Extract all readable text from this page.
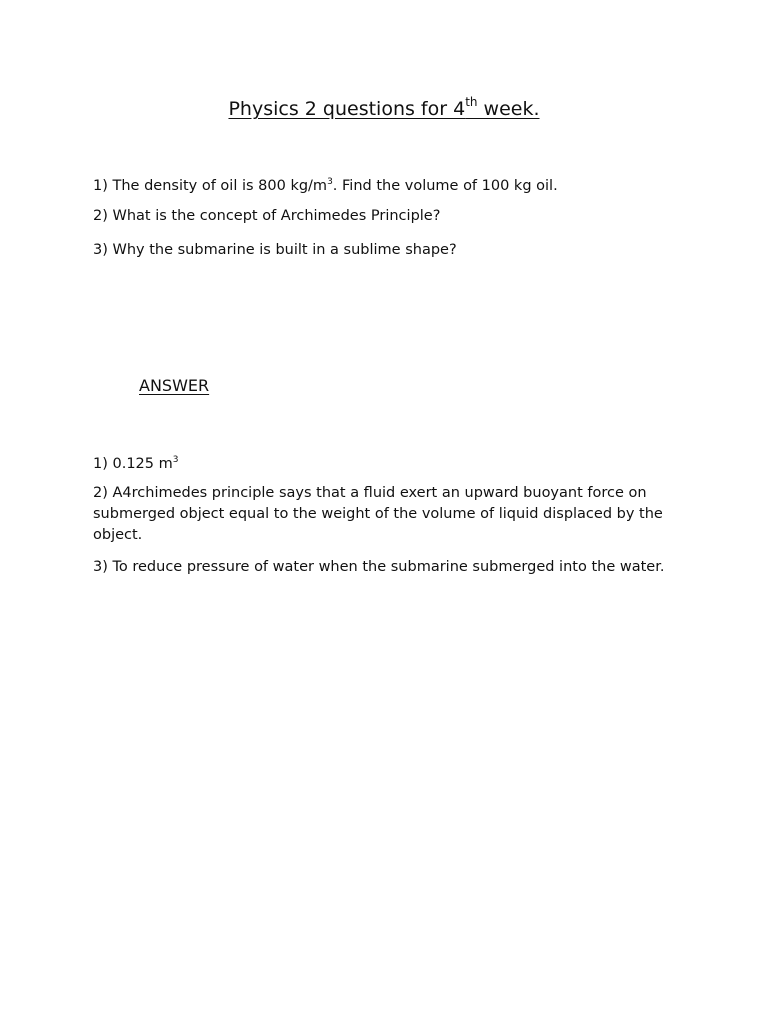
Physics 2 questions for 4th week.

1) The density of oil is 800 $kg/m^3$. Find the volume of 100 kg oil.

2) What is the concept of Archimedes Principle?

3) Why the submarine is built in a sublime shape?

ANSWER

1) 0.125 $m^3$

2) A4rchimedes principle says that a fluid exert an upward buoyant force on submerged object equal to the weight of the volume of liquid displaced by the object.

3) To reduce pressure of water when the submarine submerged into the water.
